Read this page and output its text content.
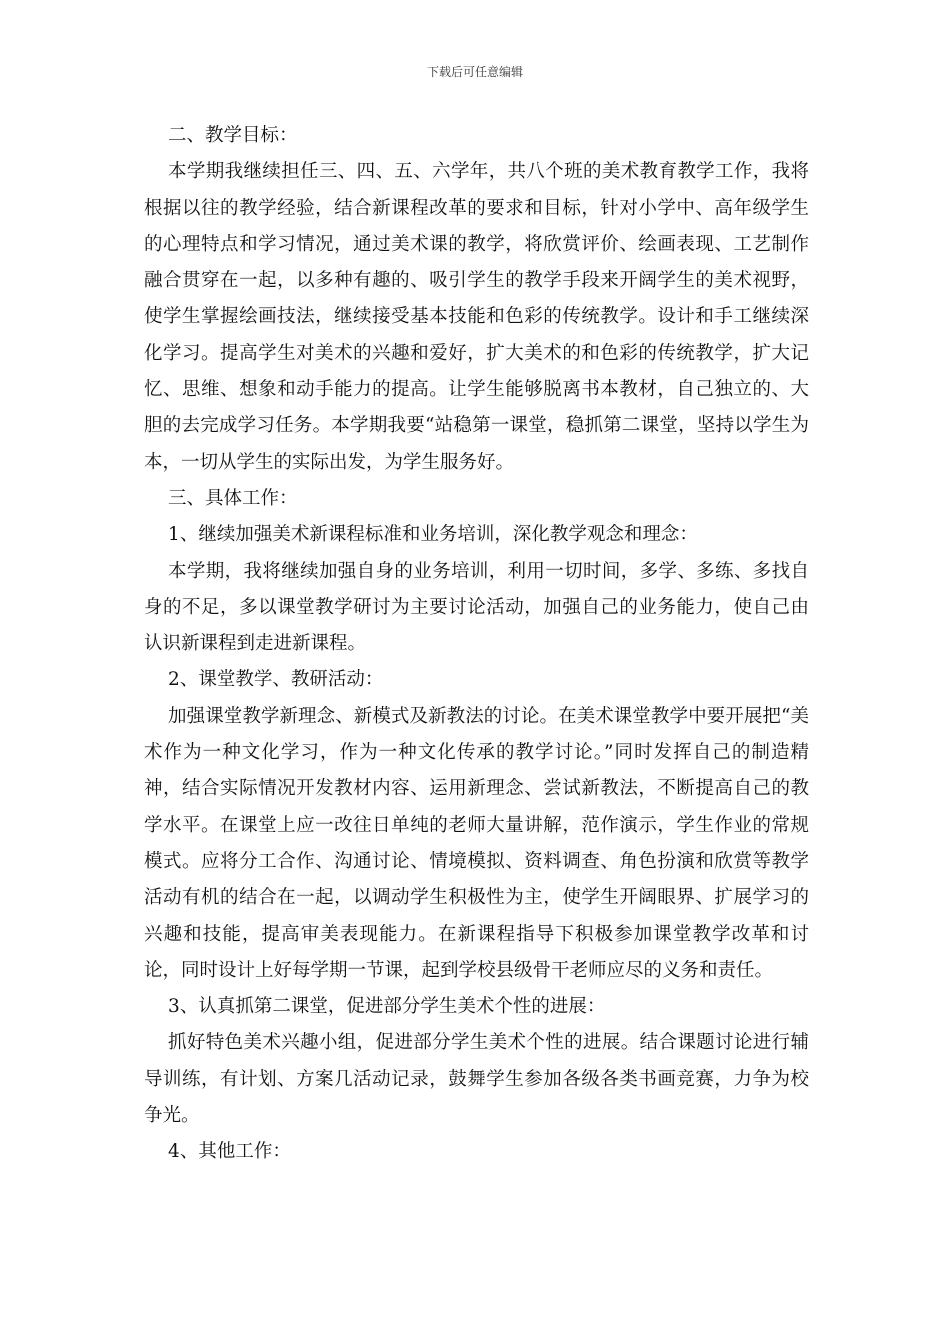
下载后可任意编辑

二、教学目标：

本学期我继续担任三、四、五、六学年，共八个班的美术教育教学工作，我将根据以往的教学经验，结合新课程改革的要求和目标，针对小学中、高年级学生的心理特点和学习情况，通过美术课的教学，将欣赏评价、绘画表现、工艺制作融合贯穿在一起，以多种有趣的、吸引学生的教学手段来开阔学生的美术视野，使学生掌握绘画技法，继续接受基本技能和色彩的传统教学。设计和手工继续深化学习。提高学生对美术的兴趣和爱好，扩大美术的和色彩的传统教学，扩大记忆、思维、想象和动手能力的提高。让学生能够脱离书本教材，自己独立的、大胆的去完成学习任务。本学期我要“站稳第一课堂，稳抓第二课堂，坚持以学生为本，一切从学生的实际出发，为学生服务好。

三、具体工作：

1、继续加强美术新课程标准和业务培训，深化教学观念和理念：

本学期，我将继续加强自身的业务培训，利用一切时间，多学、多练、多找自身的不足，多以课堂教学研讨为主要讨论活动，加强自己的业务能力，使自己由认识新课程到走进新课程。

2、课堂教学、教研活动：

加强课堂教学新理念、新模式及新教法的讨论。在美术课堂教学中要开展把“美术作为一种文化学习，作为一种文化传承的教学讨论。”同时发挥自己的制造精神，结合实际情况开发教材内容、运用新理念、尝试新教法，不断提高自己的教学水平。在课堂上应一改往日单纯的老师大量讲解，范作演示，学生作业的常规模式。应将分工合作、沟通讨论、情境模拟、资料调查、角色扮演和欣赏等教学活动有机的结合在一起，以调动学生积极性为主，使学生开阔眼界、扩展学习的兴趣和技能，提高审美表现能力。在新课程指导下积极参加课堂教学改革和讨论，同时设计上好每学期一节课，起到学校县级骨干老师应尽的义务和责任。

3、认真抓第二课堂，促进部分学生美术个性的进展：

抓好特色美术兴趣小组，促进部分学生美术个性的进展。结合课题讨论进行辅导训练，有计划、方案几活动记录，鼓舞学生参加各级各类书画竞赛，力争为校争光。

4、其他工作：
